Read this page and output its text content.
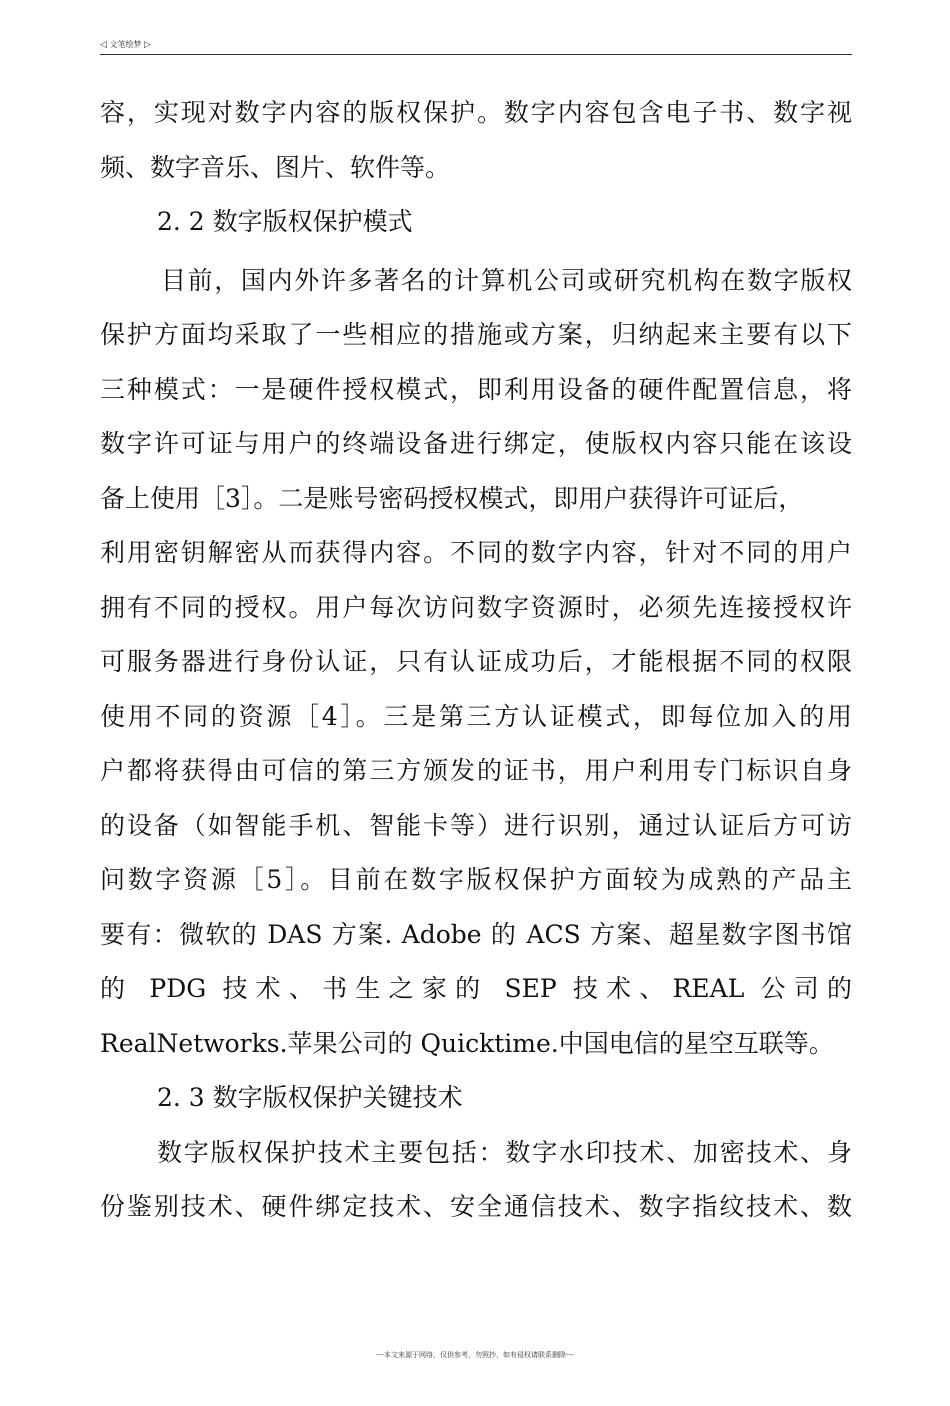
◁ 文笔绘梦 ▷
容，实现对数字内容的版权保护。数字内容包含电子书、数字视
频、数字音乐、图片、软件等。
2. 2 数字版权保护模式
目前，国内外许多著名的计算机公司或研究机构在数字版权
保护方面均采取了一些相应的措施或方案，归纳起来主要有以下
三种模式：一是硬件授权模式，即利用设备的硬件配置信息，将
数字许可证与用户的终端设备进行绑定，使版权内容只能在该设
备上使用［3］。二是账号密码授权模式，即用户获得许可证后，
利用密钥解密从而获得内容。不同的数字内容，针对不同的用户
拥有不同的授权。用户每次访问数字资源时，必须先连接授权许
可服务器进行身份认证，只有认证成功后，才能根据不同的权限
使用不同的资源［4］。三是第三方认证模式，即每位加入的用
户都将获得由可信的第三方颁发的证书，用户利用专门标识自身
的设备（如智能手机、智能卡等）进行识别，通过认证后方可访
问数字资源［5］。目前在数字版权保护方面较为成熟的产品主
要有：微软的 DAS 方案. Adobe 的 ACS 方案、超星数字图书馆
的 PDG 技术、书生之家的 SEP 技术、REAL 公司的
RealNetworks.苹果公司的 Quicktime.中国电信的星空互联等。
2. 3 数字版权保护关键技术
数字版权保护技术主要包括：数字水印技术、加密技术、身
份鉴别技术、硬件绑定技术、安全通信技术、数字指纹技术、数
---本文来源于网络，仅供参考，勿照抄，如有侵权请联系删除---
